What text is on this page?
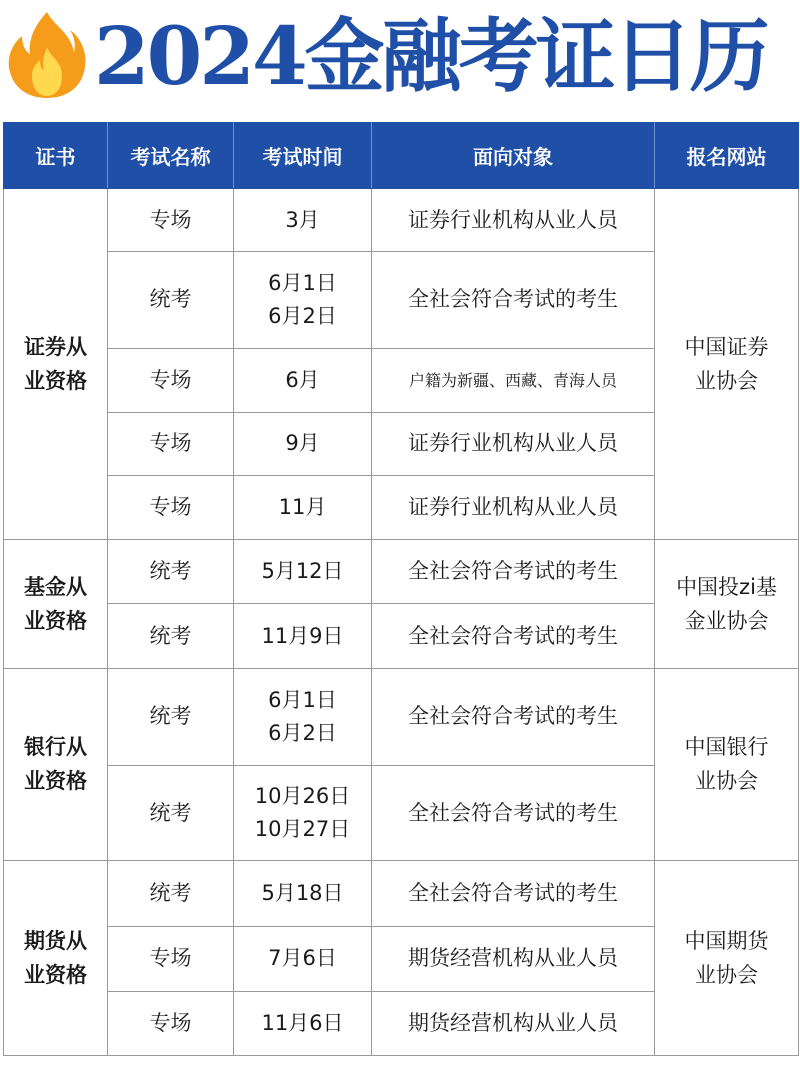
2024金融考证日历
证书	考试名称	考试时间	面向对象	报名网站

证券从
业资格	专场	3月	证券行业机构从业人员	中国证券
业协会

	统考	6月1日
6月2日	全社会符合考试的考生	
	专场	6月	户籍为新疆、西藏、青海人员	
	专场	9月	证券行业机构从业人员	
	专场	11月	证券行业机构从业人员	

基金从
业资格	统考	5月12日	全社会符合考试的考生	中国投zi基
金业协会

	统考	11月9日	全社会符合考试的考生	

银行从
业资格	统考	6月1日
6月2日	全社会符合考试的考生	中国银行
业协会

	统考	10月26日
10月27日	全社会符合考试的考生	

期货从
业资格	统考	5月18日	全社会符合考试的考生	中国期货
业协会

	专场	7月6日	期货经营机构从业人员	
	专场	11月6日	期货经营机构从业人员	
